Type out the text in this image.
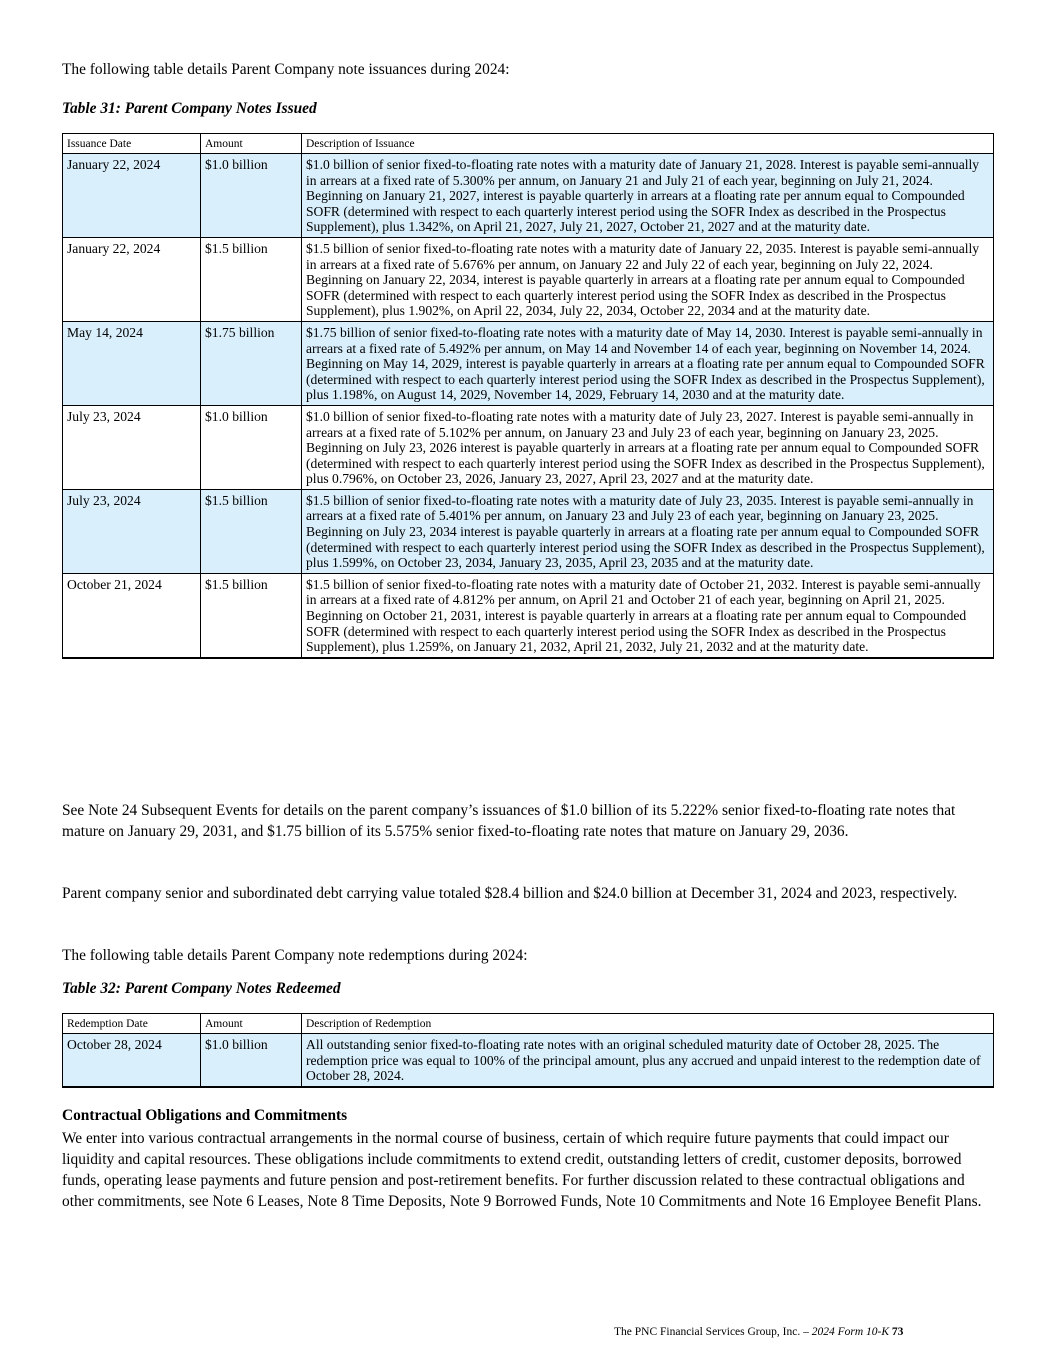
The following table details Parent Company note issuances during 2024:

Table 31: Parent Company Notes Issued
Issuance Date	Amount	Description of Issuance
January 22, 2024	$1.0 billion	$1.0 billion of senior fixed-to-floating rate notes with a maturity date of January 21, 2028. Interest is payable semi-annually in arrears at a fixed rate of 5.300% per annum, on January 21 and July 21 of each year, beginning on July 21, 2024. Beginning on January 21, 2027, interest is payable quarterly in arrears at a floating rate per annum equal to Compounded SOFR (determined with respect to each quarterly interest period using the SOFR Index as described in the Prospectus Supplement), plus 1.342%, on April 21, 2027, July 21, 2027, October 21, 2027 and at the maturity date.
January 22, 2024	$1.5 billion	$1.5 billion of senior fixed-to-floating rate notes with a maturity date of January 22, 2035. Interest is payable semi-annually in arrears at a fixed rate of 5.676% per annum, on January 22 and July 22 of each year, beginning on July 22, 2024. Beginning on January 22, 2034, interest is payable quarterly in arrears at a floating rate per annum equal to Compounded SOFR (determined with respect to each quarterly interest period using the SOFR Index as described in the Prospectus Supplement), plus 1.902%, on April 22, 2034, July 22, 2034, October 22, 2034 and at the maturity date.
May 14, 2024	$1.75 billion	$1.75 billion of senior fixed-to-floating rate notes with a maturity date of May 14, 2030. Interest is payable semi-annually in arrears at a fixed rate of 5.492% per annum, on May 14 and November 14 of each year, beginning on November 14, 2024. Beginning on May 14, 2029, interest is payable quarterly in arrears at a floating rate per annum equal to Compounded SOFR (determined with respect to each quarterly interest period using the SOFR Index as described in the Prospectus Supplement), plus 1.198%, on August 14, 2029, November 14, 2029, February 14, 2030 and at the maturity date.
July 23, 2024	$1.0 billion	$1.0 billion of senior fixed-to-floating rate notes with a maturity date of July 23, 2027. Interest is payable semi-annually in arrears at a fixed rate of 5.102% per annum, on January 23 and July 23 of each year, beginning on January 23, 2025. Beginning on July 23, 2026 interest is payable quarterly in arrears at a floating rate per annum equal to Compounded SOFR (determined with respect to each quarterly interest period using the SOFR Index as described in the Prospectus Supplement), plus 0.796%, on October 23, 2026, January 23, 2027, April 23, 2027 and at the maturity date.
July 23, 2024	$1.5 billion	$1.5 billion of senior fixed-to-floating rate notes with a maturity date of July 23, 2035. Interest is payable semi-annually in arrears at a fixed rate of 5.401% per annum, on January 23 and July 23 of each year, beginning on January 23, 2025. Beginning on July 23, 2034 interest is payable quarterly in arrears at a floating rate per annum equal to Compounded SOFR (determined with respect to each quarterly interest period using the SOFR Index as described in the Prospectus Supplement), plus 1.599%, on October 23, 2034, January 23, 2035, April 23, 2035 and at the maturity date.
October 21, 2024	$1.5 billion	$1.5 billion of senior fixed-to-floating rate notes with a maturity date of October 21, 2032. Interest is payable semi-annually in arrears at a fixed rate of 4.812% per annum, on April 21 and October 21 of each year, beginning on April 21, 2025. Beginning on October 21, 2031, interest is payable quarterly in arrears at a floating rate per annum equal to Compounded SOFR (determined with respect to each quarterly interest period using the SOFR Index as described in the Prospectus Supplement), plus 1.259%, on January 21, 2032, April 21, 2032, July 21, 2032 and at the maturity date.

See Note 24 Subsequent Events for details on the parent company’s issuances of $1.0 billion of its 5.222% senior fixed-to-floating rate notes that mature on January 29, 2031, and $1.75 billion of its 5.575% senior fixed-to-floating rate notes that mature on January 29, 2036.

Parent company senior and subordinated debt carrying value totaled $28.4 billion and $24.0 billion at December 31, 2024 and 2023, respectively.

The following table details Parent Company note redemptions during 2024:

Table 32: Parent Company Notes Redeemed
Redemption Date	Amount	Description of Redemption
October 28, 2024	$1.0 billion	All outstanding senior fixed-to-floating rate notes with an original scheduled maturity date of October 28, 2025. The redemption price was equal to 100% of the principal amount, plus any accrued and unpaid interest to the redemption date of October 28, 2024.
Contractual Obligations and Commitments

We enter into various contractual arrangements in the normal course of business, certain of which require future payments that could impact our liquidity and capital resources. These obligations include commitments to extend credit, outstanding letters of credit, customer deposits, borrowed funds, operating lease payments and future pension and post-retirement benefits. For further discussion related to these contractual obligations and other commitments, see Note 6 Leases, Note 8 Time Deposits, Note 9 Borrowed Funds, Note 10 Commitments and Note 16 Employee Benefit Plans.

The PNC Financial Services Group, Inc. – 2024 Form 10-K 73
